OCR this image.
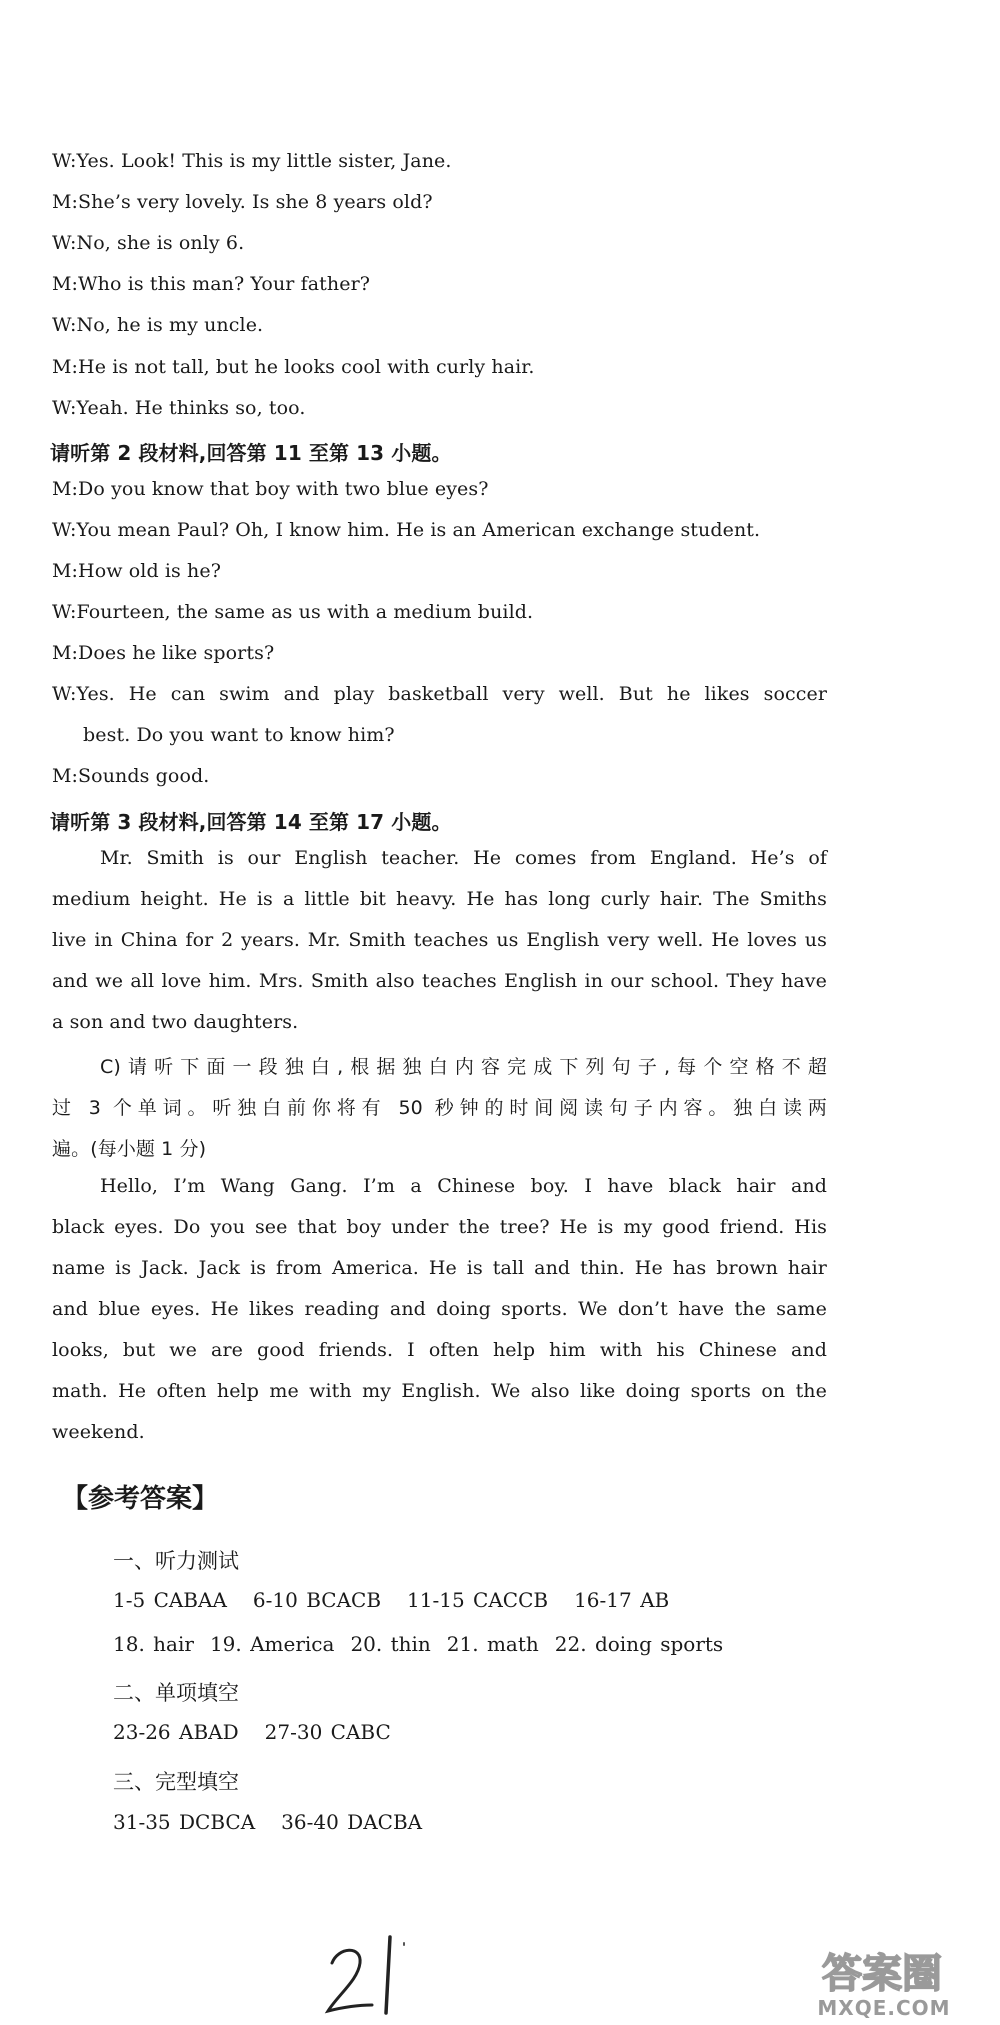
W:Yes. Look! This is my little sister, Jane.
M:She’s very lovely. Is she 8 years old?
W:No, she is only 6.
M:Who is this man? Your father?
W:No, he is my uncle.
M:He is not tall, but he looks cool with curly hair.
W:Yeah. He thinks so, too.
请听第 2 段材料,回答第 11 至第 13 小题。
M:Do you know that boy with two blue eyes?
W:You mean Paul? Oh, I know him. He is an American exchange student.
M:How old is he?
W:Fourteen, the same as us with a medium build.
M:Does he like sports?
W:Yes. He can swim and play basketball very well. But he likes soccer
best. Do you want to know him?
M:Sounds good.
请听第 3 段材料,回答第 14 至第 17 小题。
Mr. Smith is our English teacher. He comes from England. He’s of
medium height. He is a little bit heavy. He has long curly hair. The Smiths
live in China for 2 years. Mr. Smith teaches us English very well. He loves us
and we all love him. Mrs. Smith also teaches English in our school. They have
a son and two daughters.
C)请听下面一段独白,根据独白内容完成下列句子,每个空格不超
过 3 个单词。听独白前你将有 50 秒钟的时间阅读句子内容。独白读两
遍。(每小题 1 分)
Hello, I’m Wang Gang. I’m a Chinese boy. I have black hair and
black eyes. Do you see that boy under the tree? He is my good friend. His
name is Jack. Jack is from America. He is tall and thin. He has brown hair
and blue eyes. He likes reading and doing sports. We don’t have the same
looks, but we are good friends. I often help him with his Chinese and
math. He often help me with my English. We also like doing sports on the
weekend.
【参考答案】
一、听力测试
1-5 CABAA 6-10 BCACB 11-15 CACCB 16-17 AB
18. hair 19. America 20. thin 21. math 22. doing sports
二、单项填空
23-26 ABAD 27-30 CABC
三、完型填空
31-35 DCBCA 36-40 DACBA
答案圈
MXQE.COM
